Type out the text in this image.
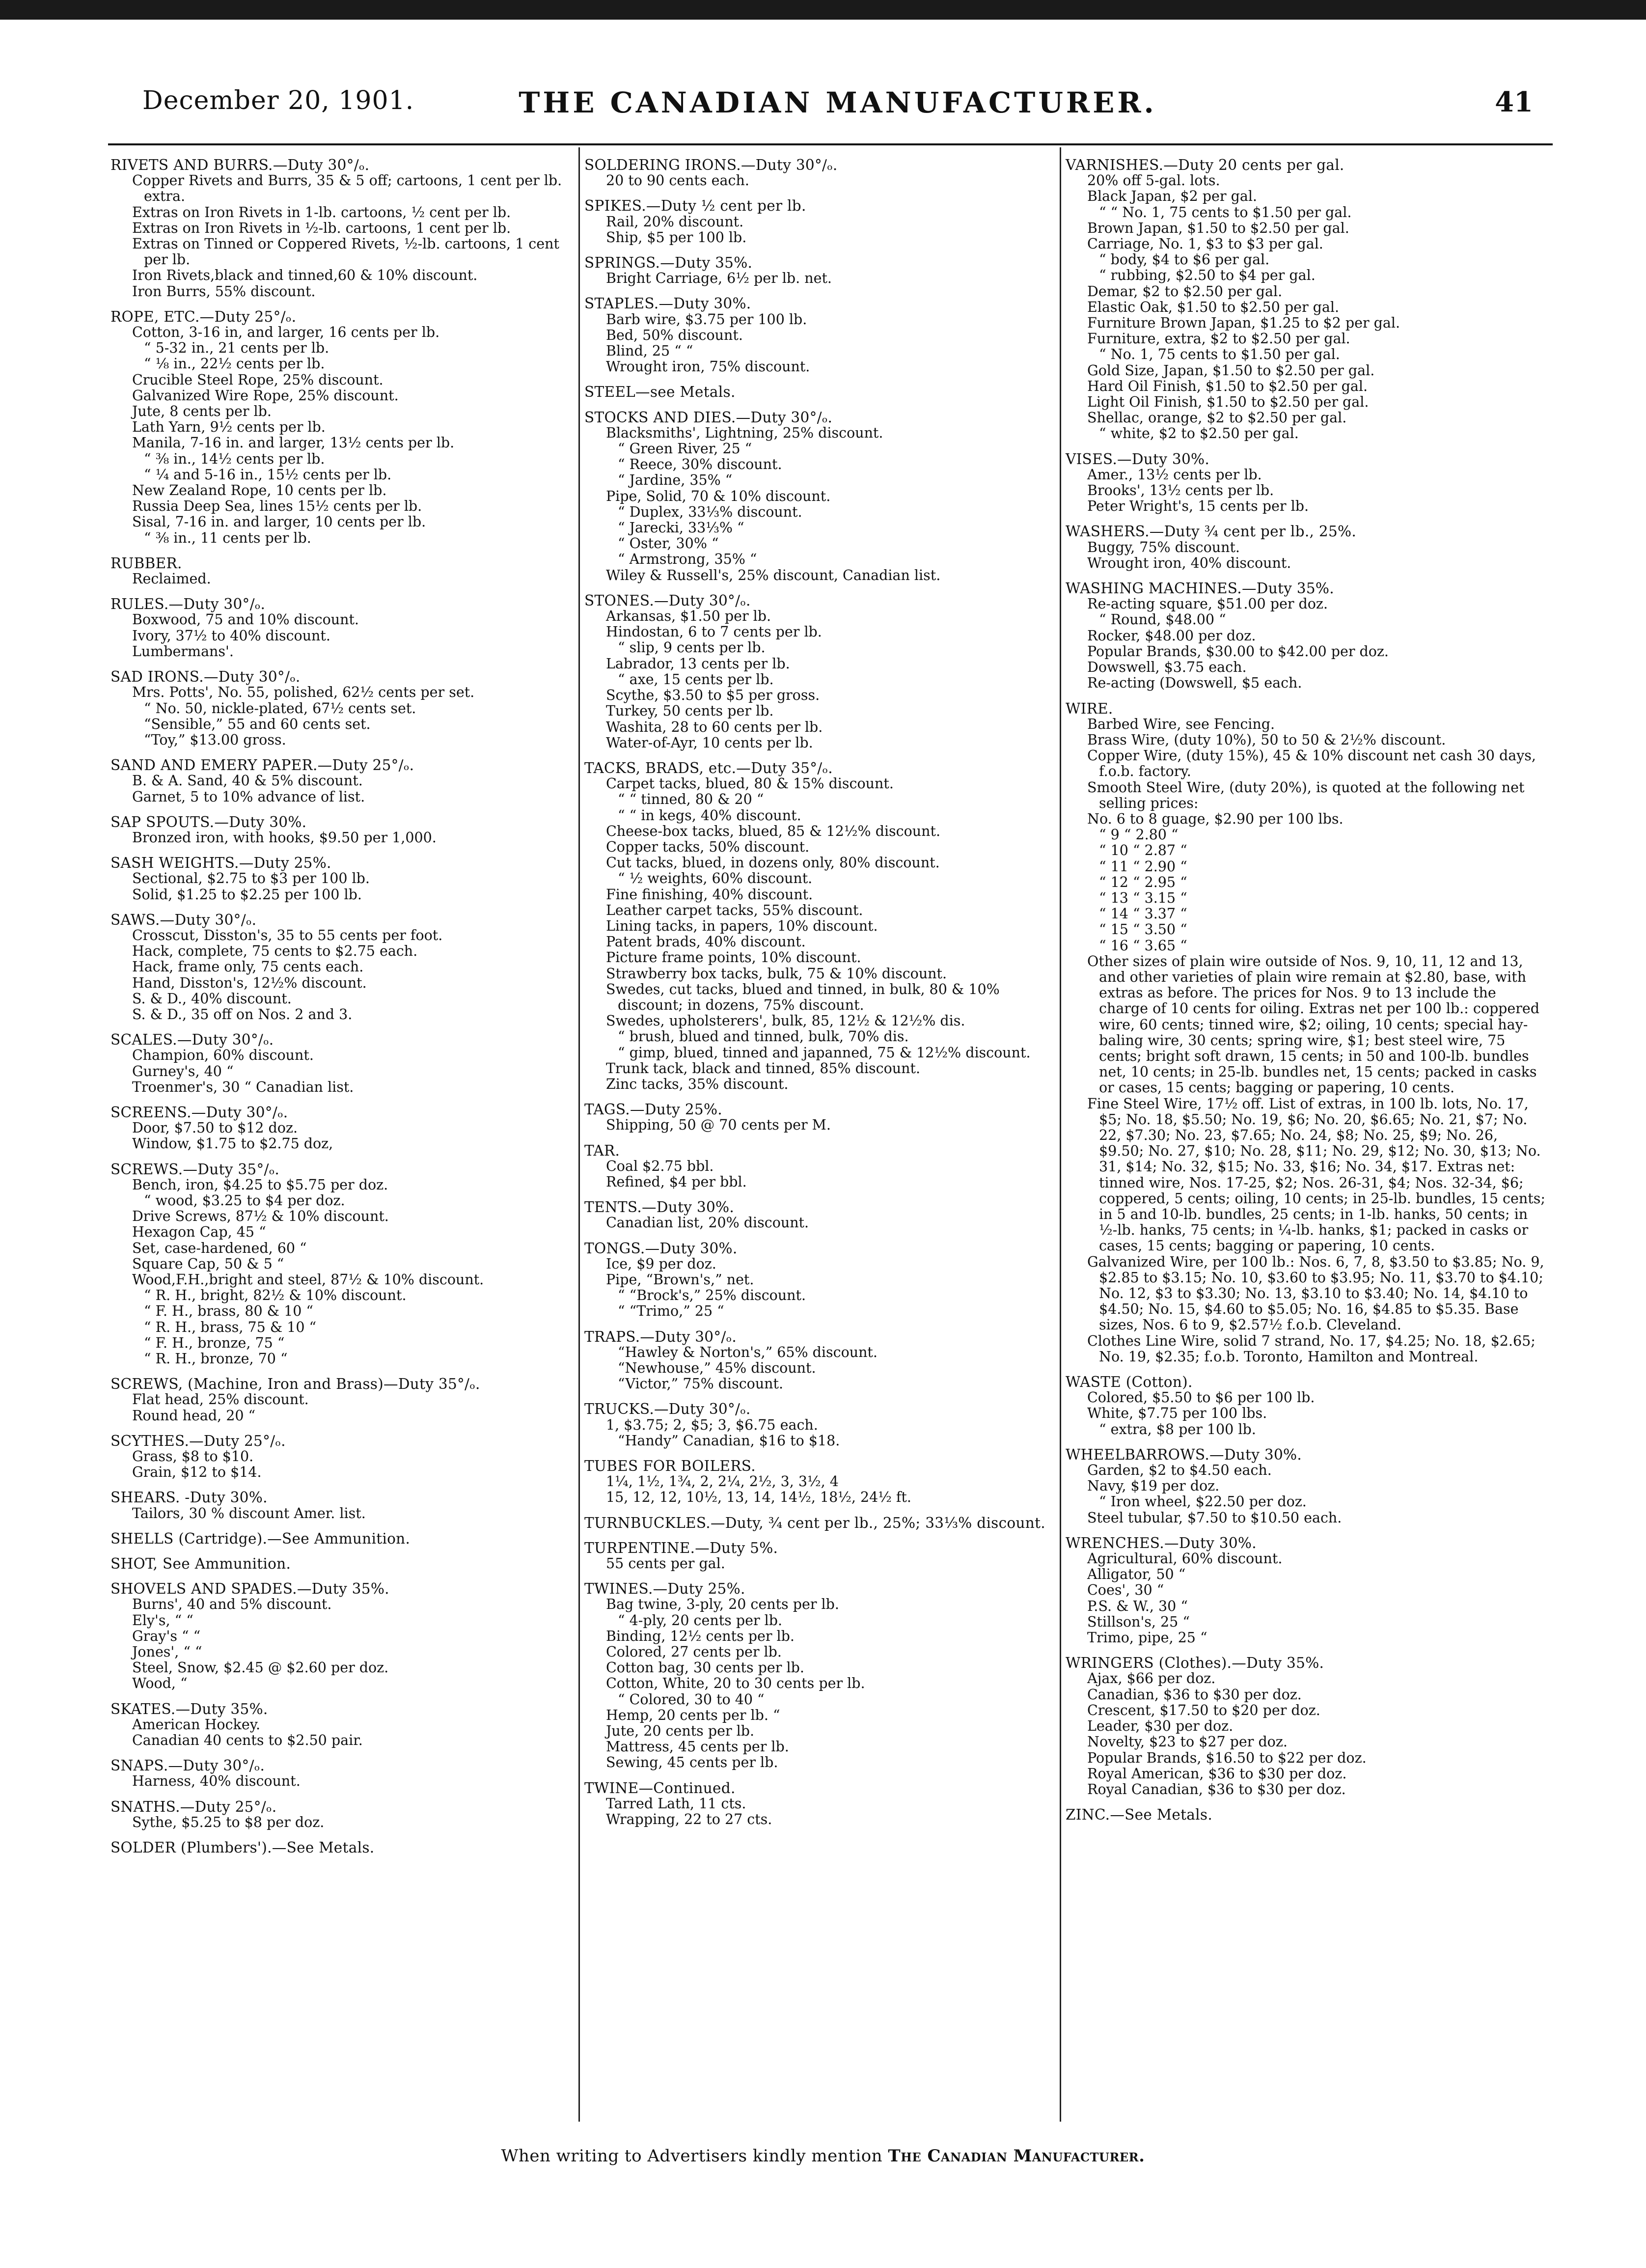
December 20, 1901.	THE CANADIAN MANUFACTURER.	41
RIVETS AND BURRS.—Duty 30°/ₒ.
Copper Rivets and Burrs, 35 & 5 off; cartoons, 1 cent per lb. extra.
Extras on Iron Rivets in 1-lb. cartoons, ½ cent per lb.
Extras on Iron Rivets in ½-lb. cartoons, 1 cent per lb.
Extras on Tinned or Coppered Rivets, ½-lb. cartoons, 1 cent per lb.
Iron Rivets,black and tinned,60 & 10% discount.
Iron Burrs, 55% discount.
ROPE, ETC.—Duty 25°/ₒ.
Cotton, 3-16 in, and larger, 16 cents per lb.
“ 5-32 in., 21 cents per lb.
“ ⅛ in., 22½ cents per lb.
Crucible Steel Rope, 25% discount.
Galvanized Wire Rope, 25% discount.
Jute, 8 cents per lb.
Lath Yarn, 9½ cents per lb.
Manila, 7-16 in. and larger, 13½ cents per lb.
“ ⅜ in., 14½ cents per lb.
“ ¼ and 5-16 in., 15½ cents per lb.
New Zealand Rope, 10 cents per lb.
Russia Deep Sea, lines 15½ cents per lb.
Sisal, 7-16 in. and larger, 10 cents per lb.
“ ⅜ in., 11 cents per lb.
RUBBER.
Reclaimed.
RULES.—Duty 30°/ₒ.
Boxwood, 75 and 10% discount.
Ivory, 37½ to 40% discount.
Lumbermans'.
SAD IRONS.—Duty 30°/ₒ.
Mrs. Potts', No. 55, polished, 62½ cents per set.
“ No. 50, nickle-plated, 67½ cents set.
“Sensible,” 55 and 60 cents set.
“Toy,” $13.00 gross.
SAND AND EMERY PAPER.—Duty 25°/ₒ.
B. & A. Sand, 40 & 5% discount.
Garnet, 5 to 10% advance of list.
SAP SPOUTS.—Duty 30%.
Bronzed iron, with hooks, $9.50 per 1,000.
SASH WEIGHTS.—Duty 25%.
Sectional, $2.75 to $3 per 100 lb.
Solid, $1.25 to $2.25 per 100 lb.
SAWS.—Duty 30°/ₒ.
Crosscut, Disston's, 35 to 55 cents per foot.
Hack, complete, 75 cents to $2.75 each.
Hack, frame only, 75 cents each.
Hand, Disston's, 12½% discount.
S. & D., 40% discount.
S. & D., 35 off on Nos. 2 and 3.
SCALES.—Duty 30°/ₒ.
Champion, 60% discount.
Gurney's, 40 “
Troenmer's, 30 “ Canadian list.
SCREENS.—Duty 30°/ₒ.
Door, $7.50 to $12 doz.
Window, $1.75 to $2.75 doz,
SCREWS.—Duty 35°/ₒ.
Bench, iron, $4.25 to $5.75 per doz.
“ wood, $3.25 to $4 per doz.
Drive Screws, 87½ & 10% discount.
Hexagon Cap, 45 “
Set, case-hardened, 60 “
Square Cap, 50 & 5 “
Wood,F.H.,bright and steel, 87½ & 10% discount.
“ R. H., bright, 82½ & 10% discount.
“ F. H., brass, 80 & 10 “
“ R. H., brass, 75 & 10 “
“ F. H., bronze, 75 “
“ R. H., bronze, 70 “
SCREWS, (Machine, Iron and Brass)—Duty 35°/ₒ.
Flat head, 25% discount.
Round head, 20 “
SCYTHES.—Duty 25°/ₒ.
Grass, $8 to $10.
Grain, $12 to $14.
SHEARS. -Duty 30%.
Tailors, 30 % discount Amer. list.
SHELLS (Cartridge).—See Ammunition.
SHOT, See Ammunition.
SHOVELS AND SPADES.—Duty 35%.
Burns', 40 and 5% discount.
Ely's, “ “
Gray's “ “
Jones', “ “
Steel, Snow, $2.45 @ $2.60 per doz.
Wood, “
SKATES.—Duty 35%.
American Hockey.
Canadian 40 cents to $2.50 pair.
SNAPS.—Duty 30°/ₒ.
Harness, 40% discount.
SNATHS.—Duty 25°/ₒ.
Sythe, $5.25 to $8 per doz.
SOLDER (Plumbers').—See Metals.
SOLDERING IRONS.—Duty 30°/ₒ.
20 to 90 cents each.
SPIKES.—Duty ½ cent per lb.
Rail, 20% discount.
Ship, $5 per 100 lb.
SPRINGS.—Duty 35%.
Bright Carriage, 6½ per lb. net.
STAPLES.—Duty 30%.
Barb wire, $3.75 per 100 lb.
Bed, 50% discount.
Blind, 25 “ “
Wrought iron, 75% discount.
STEEL—see Metals.
STOCKS AND DIES.—Duty 30°/ₒ.
Blacksmiths', Lightning, 25% discount.
“ Green River, 25 “
“ Reece, 30% discount.
“ Jardine, 35% “
Pipe, Solid, 70 & 10% discount.
“ Duplex, 33⅓% discount.
“ Jarecki, 33⅓% “
“ Oster, 30% “
“ Armstrong, 35% “
Wiley & Russell's, 25% discount, Canadian list.
STONES.—Duty 30°/ₒ.
Arkansas, $1.50 per lb.
Hindostan, 6 to 7 cents per lb.
“ slip, 9 cents per lb.
Labrador, 13 cents per lb.
“ axe, 15 cents per lb.
Scythe, $3.50 to $5 per gross.
Turkey, 50 cents per lb.
Washita, 28 to 60 cents per lb.
Water-of-Ayr, 10 cents per lb.
TACKS, BRADS, etc.—Duty 35°/ₒ.
Carpet tacks, blued, 80 & 15% discount.
“ “ tinned, 80 & 20 “
“ “ in kegs, 40% discount.
Cheese-box tacks, blued, 85 & 12½% discount.
Copper tacks, 50% discount.
Cut tacks, blued, in dozens only, 80% discount.
“ ½ weights, 60% discount.
Fine finishing, 40% discount.
Leather carpet tacks, 55% discount.
Lining tacks, in papers, 10% discount.
Patent brads, 40% discount.
Picture frame points, 10% discount.
Strawberry box tacks, bulk, 75 & 10% discount.
Swedes, cut tacks, blued and tinned, in bulk, 80 & 10% discount; in dozens, 75% discount.
Swedes, upholsterers', bulk, 85, 12½ & 12½% dis.
“ brush, blued and tinned, bulk, 70% dis.
“ gimp, blued, tinned and japanned, 75 & 12½% discount.
Trunk tack, black and tinned, 85% discount.
Zinc tacks, 35% discount.
TAGS.—Duty 25%.
Shipping, 50 @ 70 cents per M.
TAR.
Coal $2.75 bbl.
Refined, $4 per bbl.
TENTS.—Duty 30%.
Canadian list, 20% discount.
TONGS.—Duty 30%.
Ice, $9 per doz.
Pipe, “Brown's,” net.
“ “Brock's,” 25% discount.
“ “Trimo,” 25 “
TRAPS.—Duty 30°/ₒ.
“Hawley & Norton's,” 65% discount.
“Newhouse,” 45% discount.
“Victor,” 75% discount.
TRUCKS.—Duty 30°/ₒ.
1, $3.75; 2, $5; 3, $6.75 each.
“Handy” Canadian, $16 to $18.
TUBES FOR BOILERS.
1¼, 1½, 1¾, 2, 2¼, 2½, 3, 3½, 4
15, 12, 12, 10½, 13, 14, 14½, 18½, 24½ ft.
TURNBUCKLES.—Duty, ¾ cent per lb., 25%; 33⅓% discount.
TURPENTINE.—Duty 5%.
55 cents per gal.
TWINES.—Duty 25%.
Bag twine, 3-ply, 20 cents per lb.
“ 4-ply, 20 cents per lb.
Binding, 12½ cents per lb.
Colored, 27 cents per lb.
Cotton bag, 30 cents per lb.
Cotton, White, 20 to 30 cents per lb.
“ Colored, 30 to 40 “
Hemp, 20 cents per lb. “
Jute, 20 cents per lb.
Mattress, 45 cents per lb.
Sewing, 45 cents per lb.
TWINE—Continued.
Tarred Lath, 11 cts.
Wrapping, 22 to 27 cts.
VARNISHES.—Duty 20 cents per gal.
20% off 5-gal. lots.
Black Japan, $2 per gal.
“ “ No. 1, 75 cents to $1.50 per gal.
Brown Japan, $1.50 to $2.50 per gal.
Carriage, No. 1, $3 to $3 per gal.
“ body, $4 to $6 per gal.
“ rubbing, $2.50 to $4 per gal.
Demar, $2 to $2.50 per gal.
Elastic Oak, $1.50 to $2.50 per gal.
Furniture Brown Japan, $1.25 to $2 per gal.
Furniture, extra, $2 to $2.50 per gal.
“ No. 1, 75 cents to $1.50 per gal.
Gold Size, Japan, $1.50 to $2.50 per gal.
Hard Oil Finish, $1.50 to $2.50 per gal.
Light Oil Finish, $1.50 to $2.50 per gal.
Shellac, orange, $2 to $2.50 per gal.
“ white, $2 to $2.50 per gal.
VISES.—Duty 30%.
Amer., 13½ cents per lb.
Brooks', 13½ cents per lb.
Peter Wright's, 15 cents per lb.
WASHERS.—Duty ¾ cent per lb., 25%.
Buggy, 75% discount.
Wrought iron, 40% discount.
WASHING MACHINES.—Duty 35%.
Re-acting square, $51.00 per doz.
“ Round, $48.00 “
Rocker, $48.00 per doz.
Popular Brands, $30.00 to $42.00 per doz.
Dowswell, $3.75 each.
Re-acting (Dowswell, $5 each.
WIRE.
Barbed Wire, see Fencing.
Brass Wire, (duty 10%), 50 to 50 & 2½% discount.
Copper Wire, (duty 15%), 45 & 10% discount net cash 30 days, f.o.b. factory.
Smooth Steel Wire, (duty 20%), is quoted at the following net selling prices:
No. 6 to 8 guage, $2.90 per 100 lbs.
“ 9 “ 2.80 “
“ 10 “ 2.87 “
“ 11 “ 2.90 “
“ 12 “ 2.95 “
“ 13 “ 3.15 “
“ 14 “ 3.37 “
“ 15 “ 3.50 “
“ 16 “ 3.65 “
Other sizes of plain wire outside of Nos. 9, 10, 11, 12 and 13, and other varieties of plain wire remain at $2.80, base, with extras as before. The prices for Nos. 9 to 13 include the charge of 10 cents for oiling. Extras net per 100 lb.: coppered wire, 60 cents; tinned wire, $2; oiling, 10 cents; special hay-baling wire, 30 cents; spring wire, $1; best steel wire, 75 cents; bright soft drawn, 15 cents; in 50 and 100-lb. bundles net, 10 cents; in 25-lb. bundles net, 15 cents; packed in casks or cases, 15 cents; bagging or papering, 10 cents.
Fine Steel Wire, 17½ off. List of extras, in 100 lb. lots, No. 17, $5; No. 18, $5.50; No. 19, $6; No. 20, $6.65; No. 21, $7; No. 22, $7.30; No. 23, $7.65; No. 24, $8; No. 25, $9; No. 26, $9.50; No. 27, $10; No. 28, $11; No. 29, $12; No. 30, $13; No. 31, $14; No. 32, $15; No. 33, $16; No. 34, $17. Extras net: tinned wire, Nos. 17-25, $2; Nos. 26-31, $4; Nos. 32-34, $6; coppered, 5 cents; oiling, 10 cents; in 25-lb. bundles, 15 cents; in 5 and 10-lb. bundles, 25 cents; in 1-lb. hanks, 50 cents; in ½-lb. hanks, 75 cents; in ¼-lb. hanks, $1; packed in casks or cases, 15 cents; bagging or papering, 10 cents.
Galvanized Wire, per 100 lb.: Nos. 6, 7, 8, $3.50 to $3.85; No. 9, $2.85 to $3.15; No. 10, $3.60 to $3.95; No. 11, $3.70 to $4.10; No. 12, $3 to $3.30; No. 13, $3.10 to $3.40; No. 14, $4.10 to $4.50; No. 15, $4.60 to $5.05; No. 16, $4.85 to $5.35. Base sizes, Nos. 6 to 9, $2.57½ f.o.b. Cleveland.
Clothes Line Wire, solid 7 strand, No. 17, $4.25; No. 18, $2.65; No. 19, $2.35; f.o.b. Toronto, Hamilton and Montreal.
WASTE (Cotton).
Colored, $5.50 to $6 per 100 lb.
White, $7.75 per 100 lbs.
“ extra, $8 per 100 lb.
WHEELBARROWS.—Duty 30%.
Garden, $2 to $4.50 each.
Navy, $19 per doz.
“ Iron wheel, $22.50 per doz.
Steel tubular, $7.50 to $10.50 each.
WRENCHES.—Duty 30%.
Agricultural, 60% discount.
Alligator, 50 “
Coes', 30 “
P.S. & W., 30 “
Stillson's, 25 “
Trimo, pipe, 25 “
WRINGERS (Clothes).—Duty 35%.
Ajax, $66 per doz.
Canadian, $36 to $30 per doz.
Crescent, $17.50 to $20 per doz.
Leader, $30 per doz.
Novelty, $23 to $27 per doz.
Popular Brands, $16.50 to $22 per doz.
Royal American, $36 to $30 per doz.
Royal Canadian, $36 to $30 per doz.
ZINC.—See Metals.
When writing to Advertisers kindly mention The Canadian Manufacturer.
